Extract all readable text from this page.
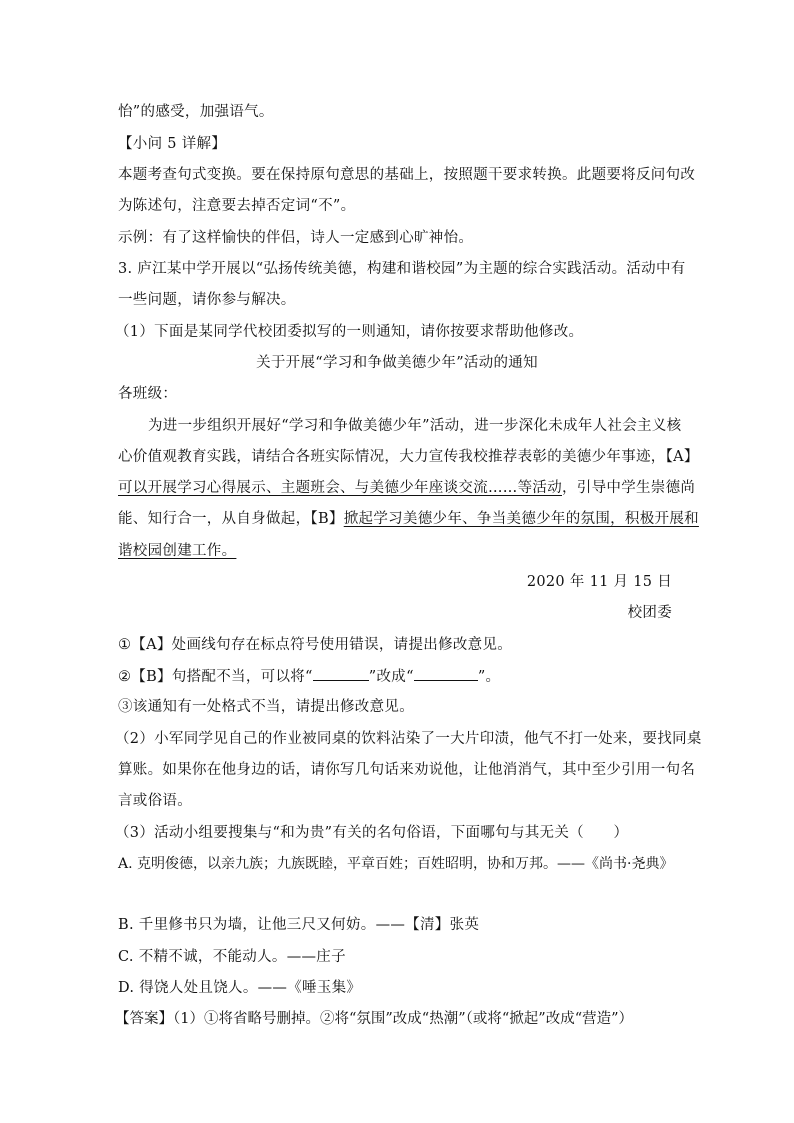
怡”的感受，加强语气。
【小问 5 详解】
本题考查句式变换。要在保持原句意思的基础上，按照题干要求转换。此题要将反问句改
为陈述句，注意要去掉否定词“不”。
示例：有了这样愉快的伴侣，诗人一定感到心旷神怡。
3. 庐江某中学开展以“弘扬传统美德，构建和谐校园”为主题的综合实践活动。活动中有
一些问题，请你参与解决。
（1）下面是某同学代校团委拟写的一则通知，请你按要求帮助他修改。
关于开展“学习和争做美德少年”活动的通知
各班级：
为进一步组织开展好“学习和争做美德少年”活动，进一步深化未成年人社会主义核
心价值观教育实践，请结合各班实际情况，大力宣传我校推荐表彰的美德少年事迹，【A】
可以开展学习心得展示、主题班会、与美德少年座谈交流……等活动，引导中学生崇德尚
能、知行合一，从自身做起，【B】掀起学习美德少年、争当美德少年的氛围，积极开展和
谐校园创建工作。
2020 年 11 月 15 日
校团委
①【A】处画线句存在标点符号使用错误，请提出修改意见。
②【B】句搭配不当，可以将“	”改成“	”。
③该通知有一处格式不当，请提出修改意见。
（2）小军同学见自己的作业被同桌的饮料沾染了一大片印渍，他气不打一处来，要找同桌
算账。如果你在他身边的话，请你写几句话来劝说他，让他消消气，其中至少引用一句名
言或俗语。
（3）活动小组要搜集与“和为贵”有关的名句俗语，下面哪句与其无关（　　）
A. 克明俊德，以亲九族；九族既睦，平章百姓；百姓昭明，协和万邦。——《尚书·尧典》
B. 千里修书只为墙，让他三尺又何妨。——【清】张英
C. 不精不诚，不能动人。——庄子
D. 得饶人处且饶人。——《唾玉集》
【答案】（1）①将省略号删掉。②将“氛围”改成“热潮”（或将“掀起”改成“营造”）
